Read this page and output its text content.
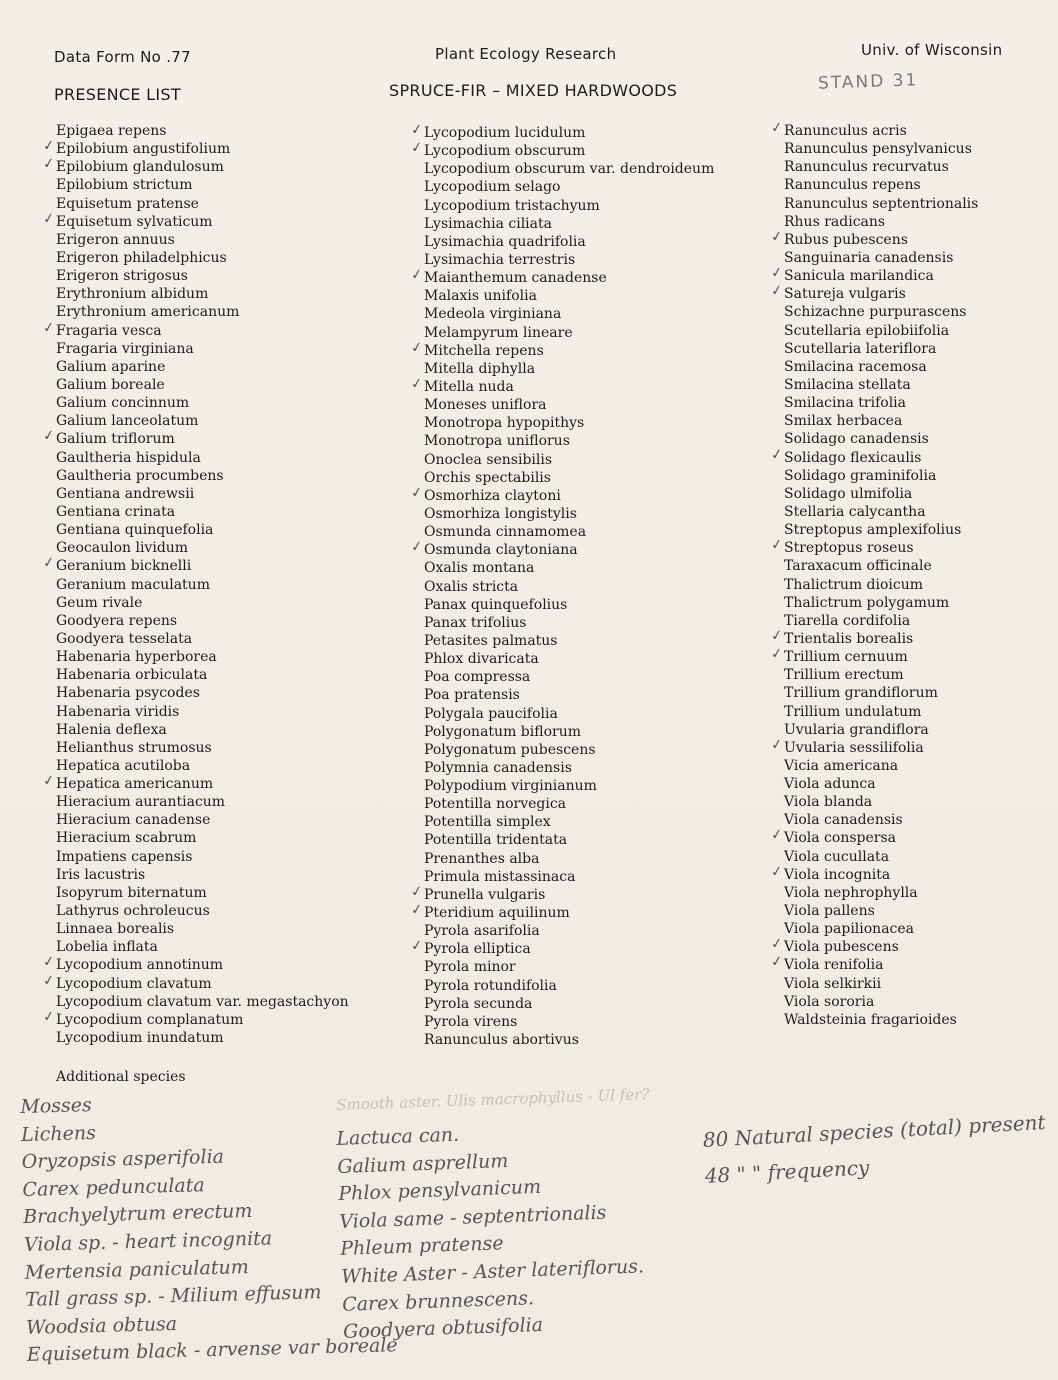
Data Form No .77	Plant Ecology Research	Univ. of Wisconsin
PRESENCE LIST	SPRUCE-FIR – MIXED HARDWOODS	STAND 31
Epigaea repens
✓ Epilobium angustifolium
✓ Epilobium glandulosum
Epilobium strictum
Equisetum pratense
✓ Equisetum sylvaticum
Erigeron annuus
Erigeron philadelphicus
Erigeron strigosus
Erythronium albidum
Erythronium americanum
✓ Fragaria vesca
Fragaria virginiana
Galium aparine
Galium boreale
Galium concinnum
Galium lanceolatum
✓ Galium triflorum
Gaultheria hispidula
Gaultheria procumbens
Gentiana andrewsii
Gentiana crinata
Gentiana quinquefolia
Geocaulon lividum
✓ Geranium bicknelli
Geranium maculatum
Geum rivale
Goodyera repens
Goodyera tesselata
Habenaria hyperborea
Habenaria orbiculata
Habenaria psycodes
Habenaria viridis
Halenia deflexa
Helianthus strumosus
Hepatica acutiloba
✓ Hepatica americanum
Hieracium aurantiacum
Hieracium canadense
Hieracium scabrum
Impatiens capensis
Iris lacustris
Isopyrum biternatum
Lathyrus ochroleucus
Linnaea borealis
Lobelia inflata
✓ Lycopodium annotinum
✓ Lycopodium clavatum
Lycopodium clavatum var. megastachyon
✓ Lycopodium complanatum
Lycopodium inundatum
✓ Lycopodium lucidulum
✓ Lycopodium obscurum
Lycopodium obscurum var. dendroideum
Lycopodium selago
Lycopodium tristachyum
Lysimachia ciliata
Lysimachia quadrifolia
Lysimachia terrestris
✓ Maianthemum canadense
Malaxis unifolia
Medeola virginiana
Melampyrum lineare
✓ Mitchella repens
Mitella diphylla
✓ Mitella nuda
Moneses uniflora
Monotropa hypopithys
Monotropa uniflorus
Onoclea sensibilis
Orchis spectabilis
✓ Osmorhiza claytoni
Osmorhiza longistylis
Osmunda cinnamomea
✓ Osmunda claytoniana
Oxalis montana
Oxalis stricta
Panax quinquefolius
Panax trifolius
Petasites palmatus
Phlox divaricata
Poa compressa
Poa pratensis
Polygala paucifolia
Polygonatum biflorum
Polygonatum pubescens
Polymnia canadensis
Polypodium virginianum
Potentilla norvegica
Potentilla simplex
Potentilla tridentata
Prenanthes alba
Primula mistassinaca
✓ Prunella vulgaris
✓ Pteridium aquilinum
Pyrola asarifolia
✓ Pyrola elliptica
Pyrola minor
Pyrola rotundifolia
Pyrola secunda
Pyrola virens
Ranunculus abortivus
✓ Ranunculus acris
Ranunculus pensylvanicus
Ranunculus recurvatus
Ranunculus repens
Ranunculus septentrionalis
Rhus radicans
✓ Rubus pubescens
Sanguinaria canadensis
✓ Sanicula marilandica
✓ Satureja vulgaris
Schizachne purpurascens
Scutellaria epilobiifolia
Scutellaria lateriflora
Smilacina racemosa
Smilacina stellata
Smilacina trifolia
Smilax herbacea
Solidago canadensis
✓ Solidago flexicaulis
Solidago graminifolia
Solidago ulmifolia
Stellaria calycantha
Streptopus amplexifolius
✓ Streptopus roseus
Taraxacum officinale
Thalictrum dioicum
Thalictrum polygamum
Tiarella cordifolia
✓ Trientalis borealis
✓ Trillium cernuum
Trillium erectum
Trillium grandiflorum
Trillium undulatum
Uvularia grandiflora
✓ Uvularia sessilifolia
Vicia americana
Viola adunca
Viola blanda
Viola canadensis
✓ Viola conspersa
Viola cucullata
✓ Viola incognita
Viola nephrophylla
Viola pallens
Viola papilionacea
✓ Viola pubescens
✓ Viola renifolia
Viola selkirkii
Viola sororia
Waldsteinia fragarioides
Additional species
Smooth aster. Ulis macrophyllus - Ul fer?
Mosses
Lichens
Oryzopsis asperifolia
Carex pedunculata
Brachyelytrum erectum
Viola sp. - heart incognita
Mertensia paniculatum
Tall grass sp. - Milium effusum
Woodsia obtusa
Equisetum black - arvense var boreale
Lactuca can.
Galium asprellum
Phlox pensylvanicum
Viola same - septentrionalis
Phleum pratense
White Aster - Aster lateriflorus.
Carex brunnescens.
Goodyera obtusifolia
80 Natural species (total) present
48 " " frequency
